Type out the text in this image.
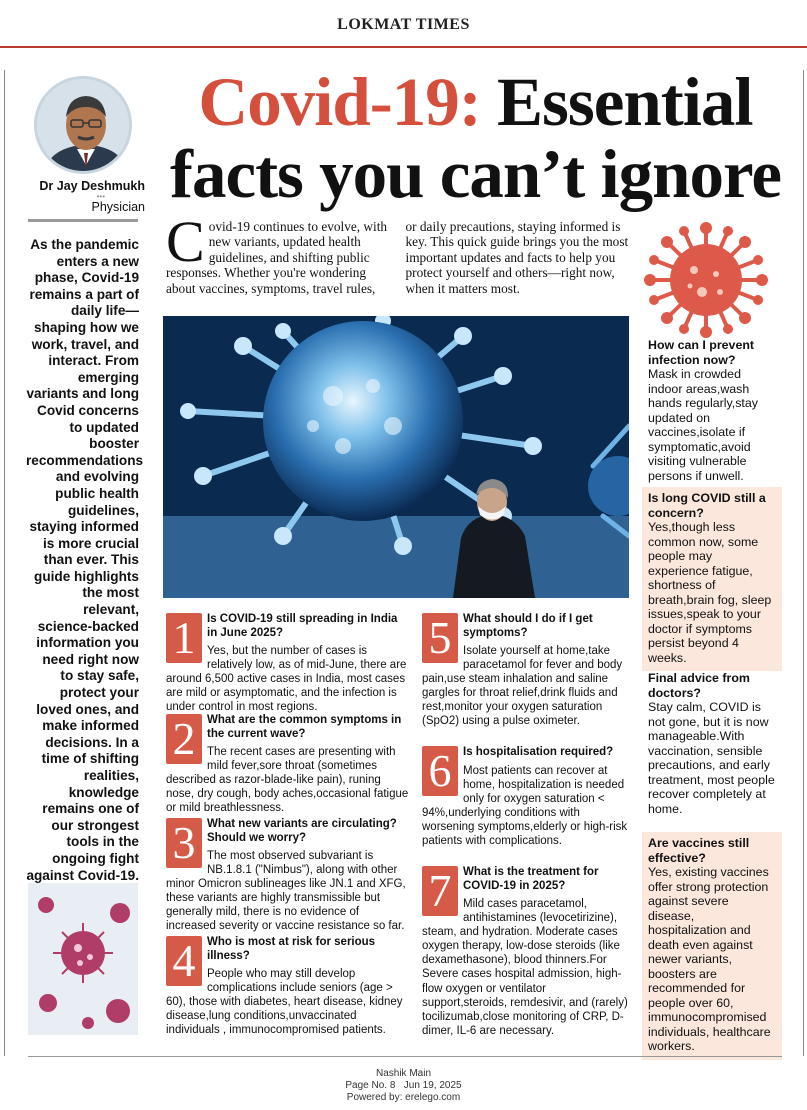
LOKMAT TIMES
Dr Jay Deshmukh
•••
Physician
As the pandemic enters a new phase, Covid-19 remains a part of daily life—shaping how we work, travel, and interact. From emerging variants and long Covid concerns to updated booster recommendations and evolving public health guidelines, staying informed is more crucial than ever. This guide highlights the most relevant, science-backed information you need right now to stay safe, protect your loved ones, and make informed decisions. In a time of shifting realities, knowledge remains one of our strongest tools in the ongoing fight against Covid-19.
Covid-19: Essential
facts you can’t ignore
Covid-19 continues to evolve, with new variants, updated health guidelines, and shifting public responses. Whether you're wondering about vaccines, symptoms, travel rules, or daily precautions, staying informed is key. This quick guide brings you the most important updates and facts to help you protect yourself and others—right now, when it matters most.
1	Is COVID-19 still spreading in India in June 2025?
Yes, but the number of cases is relatively low, as of mid-June, there are around 6,500 active cases in India, most cases are mild or asymptomatic, and the infection is under control in most regions.
2	What are the common symptoms in the current wave?
The recent cases are presenting with mild fever,sore throat (sometimes described as razor-blade-like pain), runing nose, dry cough, body aches,occasional fatigue or mild breathlessness.
3	What new variants are circulating? Should we worry?
The most observed subvariant is NB.1.8.1 ("Nimbus"), along with other minor Omicron sublineages like JN.1 and XFG, these variants are highly transmissible but generally mild, there is no evidence of increased severity or vaccine resistance so far.
4	Who is most at risk for serious illness?
People who may still develop complications include seniors (age > 60), those with diabetes, heart disease, kidney disease,lung conditions,unvaccinated individuals , immunocompromised patients.
5	What should I do if I get symptoms?
Isolate yourself at home,take paracetamol for fever and body pain,use steam inhalation and saline gargles for throat relief,drink fluids and rest,monitor your oxygen saturation (SpO2) using a pulse oximeter.
6	Is hospitalisation required?
Most patients can recover at home, hospitalization is needed only for oxygen saturation < 94%,underlying conditions with worsening symptoms,elderly or high-risk patients with complications.
7	What is the treatment for COVID-19 in 2025?
Mild cases paracetamol, antihistamines (levocetirizine), steam, and hydration. Moderate cases oxygen therapy, low-dose steroids (like dexamethasone), blood thinners.For Severe cases hospital admission, high-flow oxygen or ventilator support,steroids, remdesivir, and (rarely) tocilizumab,close monitoring of CRP, D-dimer, IL-6 are necessary.
How can I prevent infection now?
Mask in crowded indoor areas,wash hands regularly,stay updated on vaccines,isolate if symptomatic,avoid visiting vulnerable persons if unwell.
Is long COVID still a concern?
Yes,though less common now, some people may experience fatigue, shortness of breath,brain fog, sleep issues,speak to your doctor if symptoms persist beyond 4 weeks.
Final advice from doctors?
Stay calm, COVID is not gone, but it is now manageable.With vaccination, sensible precautions, and early treatment, most people recover completely at home.
Are vaccines still effective?
Yes, existing vaccines offer strong protection against severe disease, hospitalization and death even against newer variants, boosters are recommended for people over 60, immunocompromised individuals, healthcare workers.
Nashik Main
Page No. 8   Jun 19, 2025
Powered by: erelego.com
